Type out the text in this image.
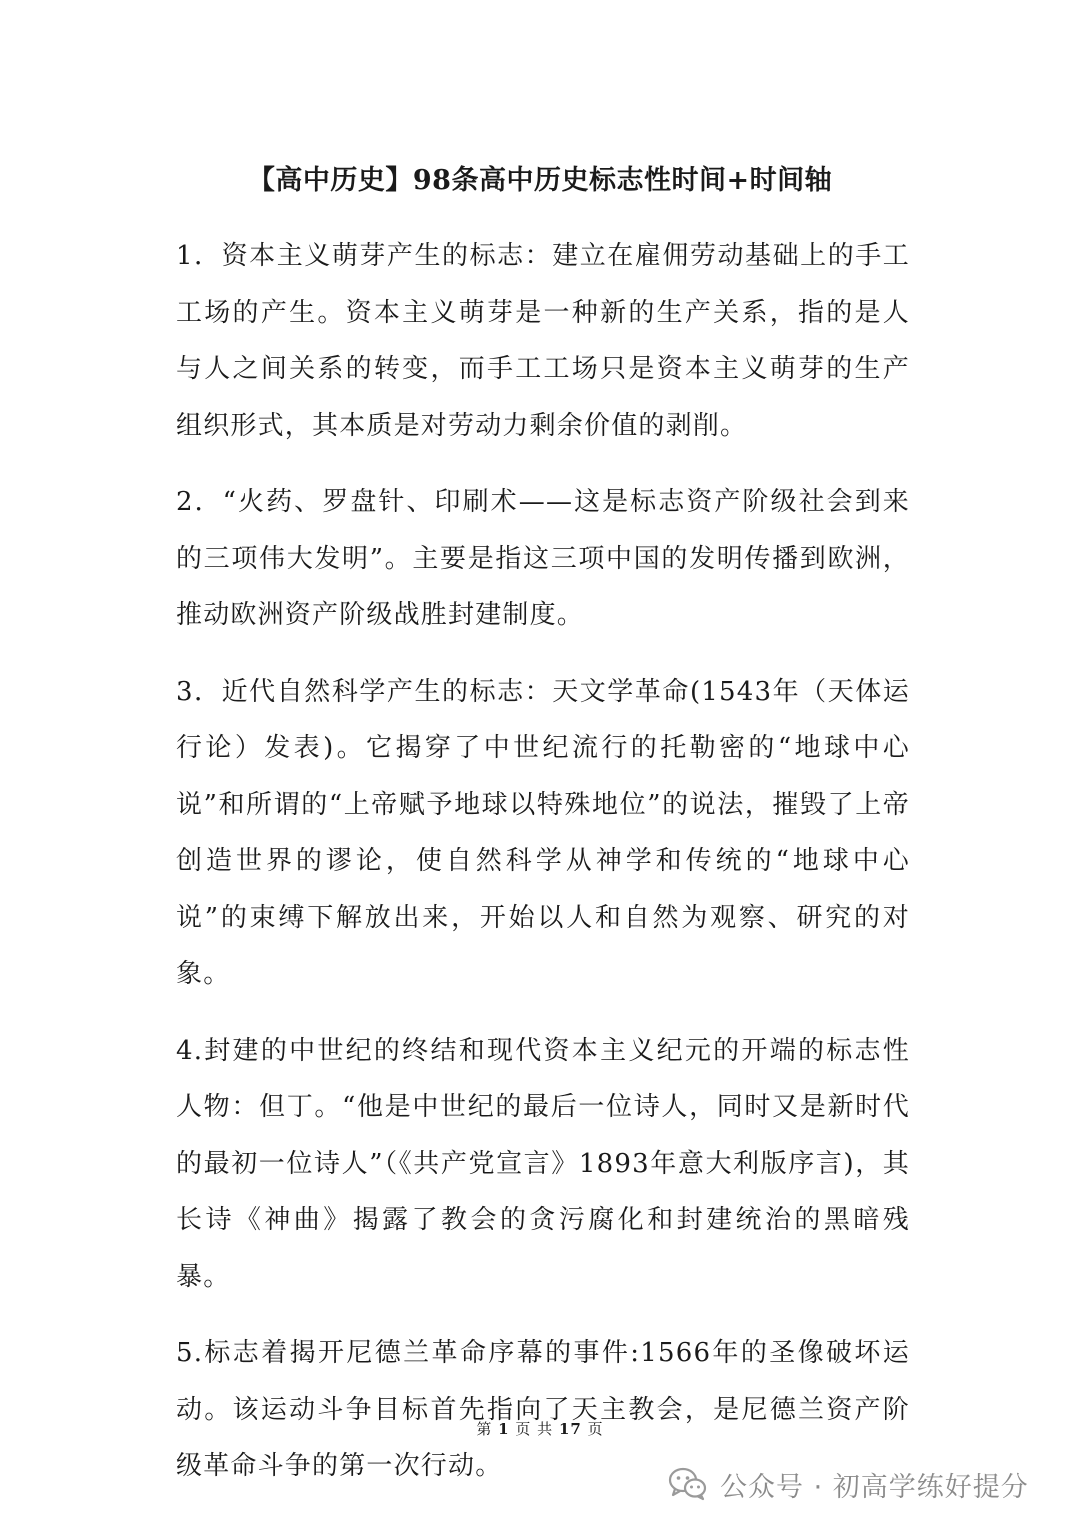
【高中历史】98条高中历史标志性时间+时间轴

1．资本主义萌芽产生的标志：建立在雇佣劳动基础上的手工工场的产生。资本主义萌芽是一种新的生产关系，指的是人与人之间关系的转变，而手工工场只是资本主义萌芽的生产组织形式，其本质是对劳动力剩余价值的剥削。

2．“火药、罗盘针、印刷术——这是标志资产阶级社会到来的三项伟大发明”。主要是指这三项中国的发明传播到欧洲，推动欧洲资产阶级战胜封建制度。

3．近代自然科学产生的标志：天文学革命(1543年（天体运行论）发表)。它揭穿了中世纪流行的托勒密的“地球中心说”和所谓的“上帝赋予地球以特殊地位”的说法，摧毁了上帝创造世界的谬论，使自然科学从神学和传统的“地球中心说”的束缚下解放出来，开始以人和自然为观察、研究的对象。

4.封建的中世纪的终结和现代资本主义纪元的开端的标志性人物：但丁。“他是中世纪的最后一位诗人，同时又是新时代的最初一位诗人”（《共产党宣言》1893年意大利版序言)，其长诗《神曲》揭露了教会的贪污腐化和封建统治的黑暗残暴。

5.标志着揭开尼德兰革命序幕的事件:1566年的圣像破坏运动。该运动斗争目标首先指向了天主教会，是尼德兰资产阶级革命斗争的第一次行动。

第 1 页 共 17 页
公众号 · 初高学练好提分
